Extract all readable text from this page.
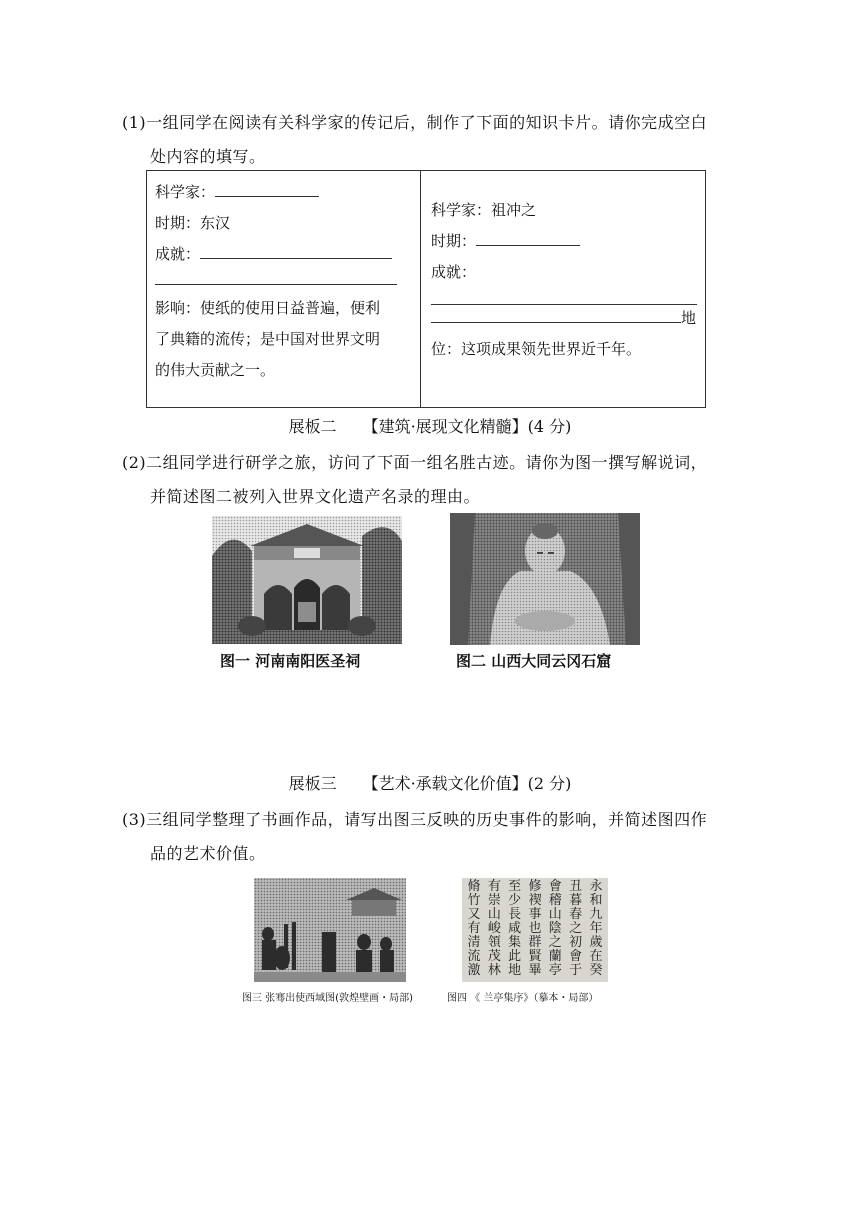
(1)一组同学在阅读有关科学家的传记后，制作了下面的知识卡片。请你完成空白

处内容的填写。
科学家：
时期：东汉
成就：
影响：使纸的使用日益普遍，便利
了典籍的流传；是中国对世界文明
的伟大贡献之一。
科学家：祖冲之
时期：
成就：
地
位：这项成果领先世界近千年。
展板二 【建筑·展现文化精髓】(4 分)
(2)二组同学进行研学之旅，访问了下面一组名胜古迹。请你为图一撰写解说词，

并简述图二被列入世界文化遗产名录的理由。
图一 河南南阳医圣祠	图二 山西大同云冈石窟
展板三 【艺术·承载文化价值】(2 分)
(3)三组同学整理了书画作品，请写出图三反映的历史事件的影响，并简述图四作

品的艺术价值。
图三 张骞出使西域图(敦煌壁画・局部)
永
和
九
年
歲
在
癸
丑
暮
春
之
初
會
于
會
稽
山
陰
之
蘭
亭
修
禊
事
也
群
賢
畢
至
少
長
咸
集
此
地
有
崇
山
峻
領
茂
林
脩
竹
又
有
清
流
激
图四 《 兰亭集序》（摹本・局部）
